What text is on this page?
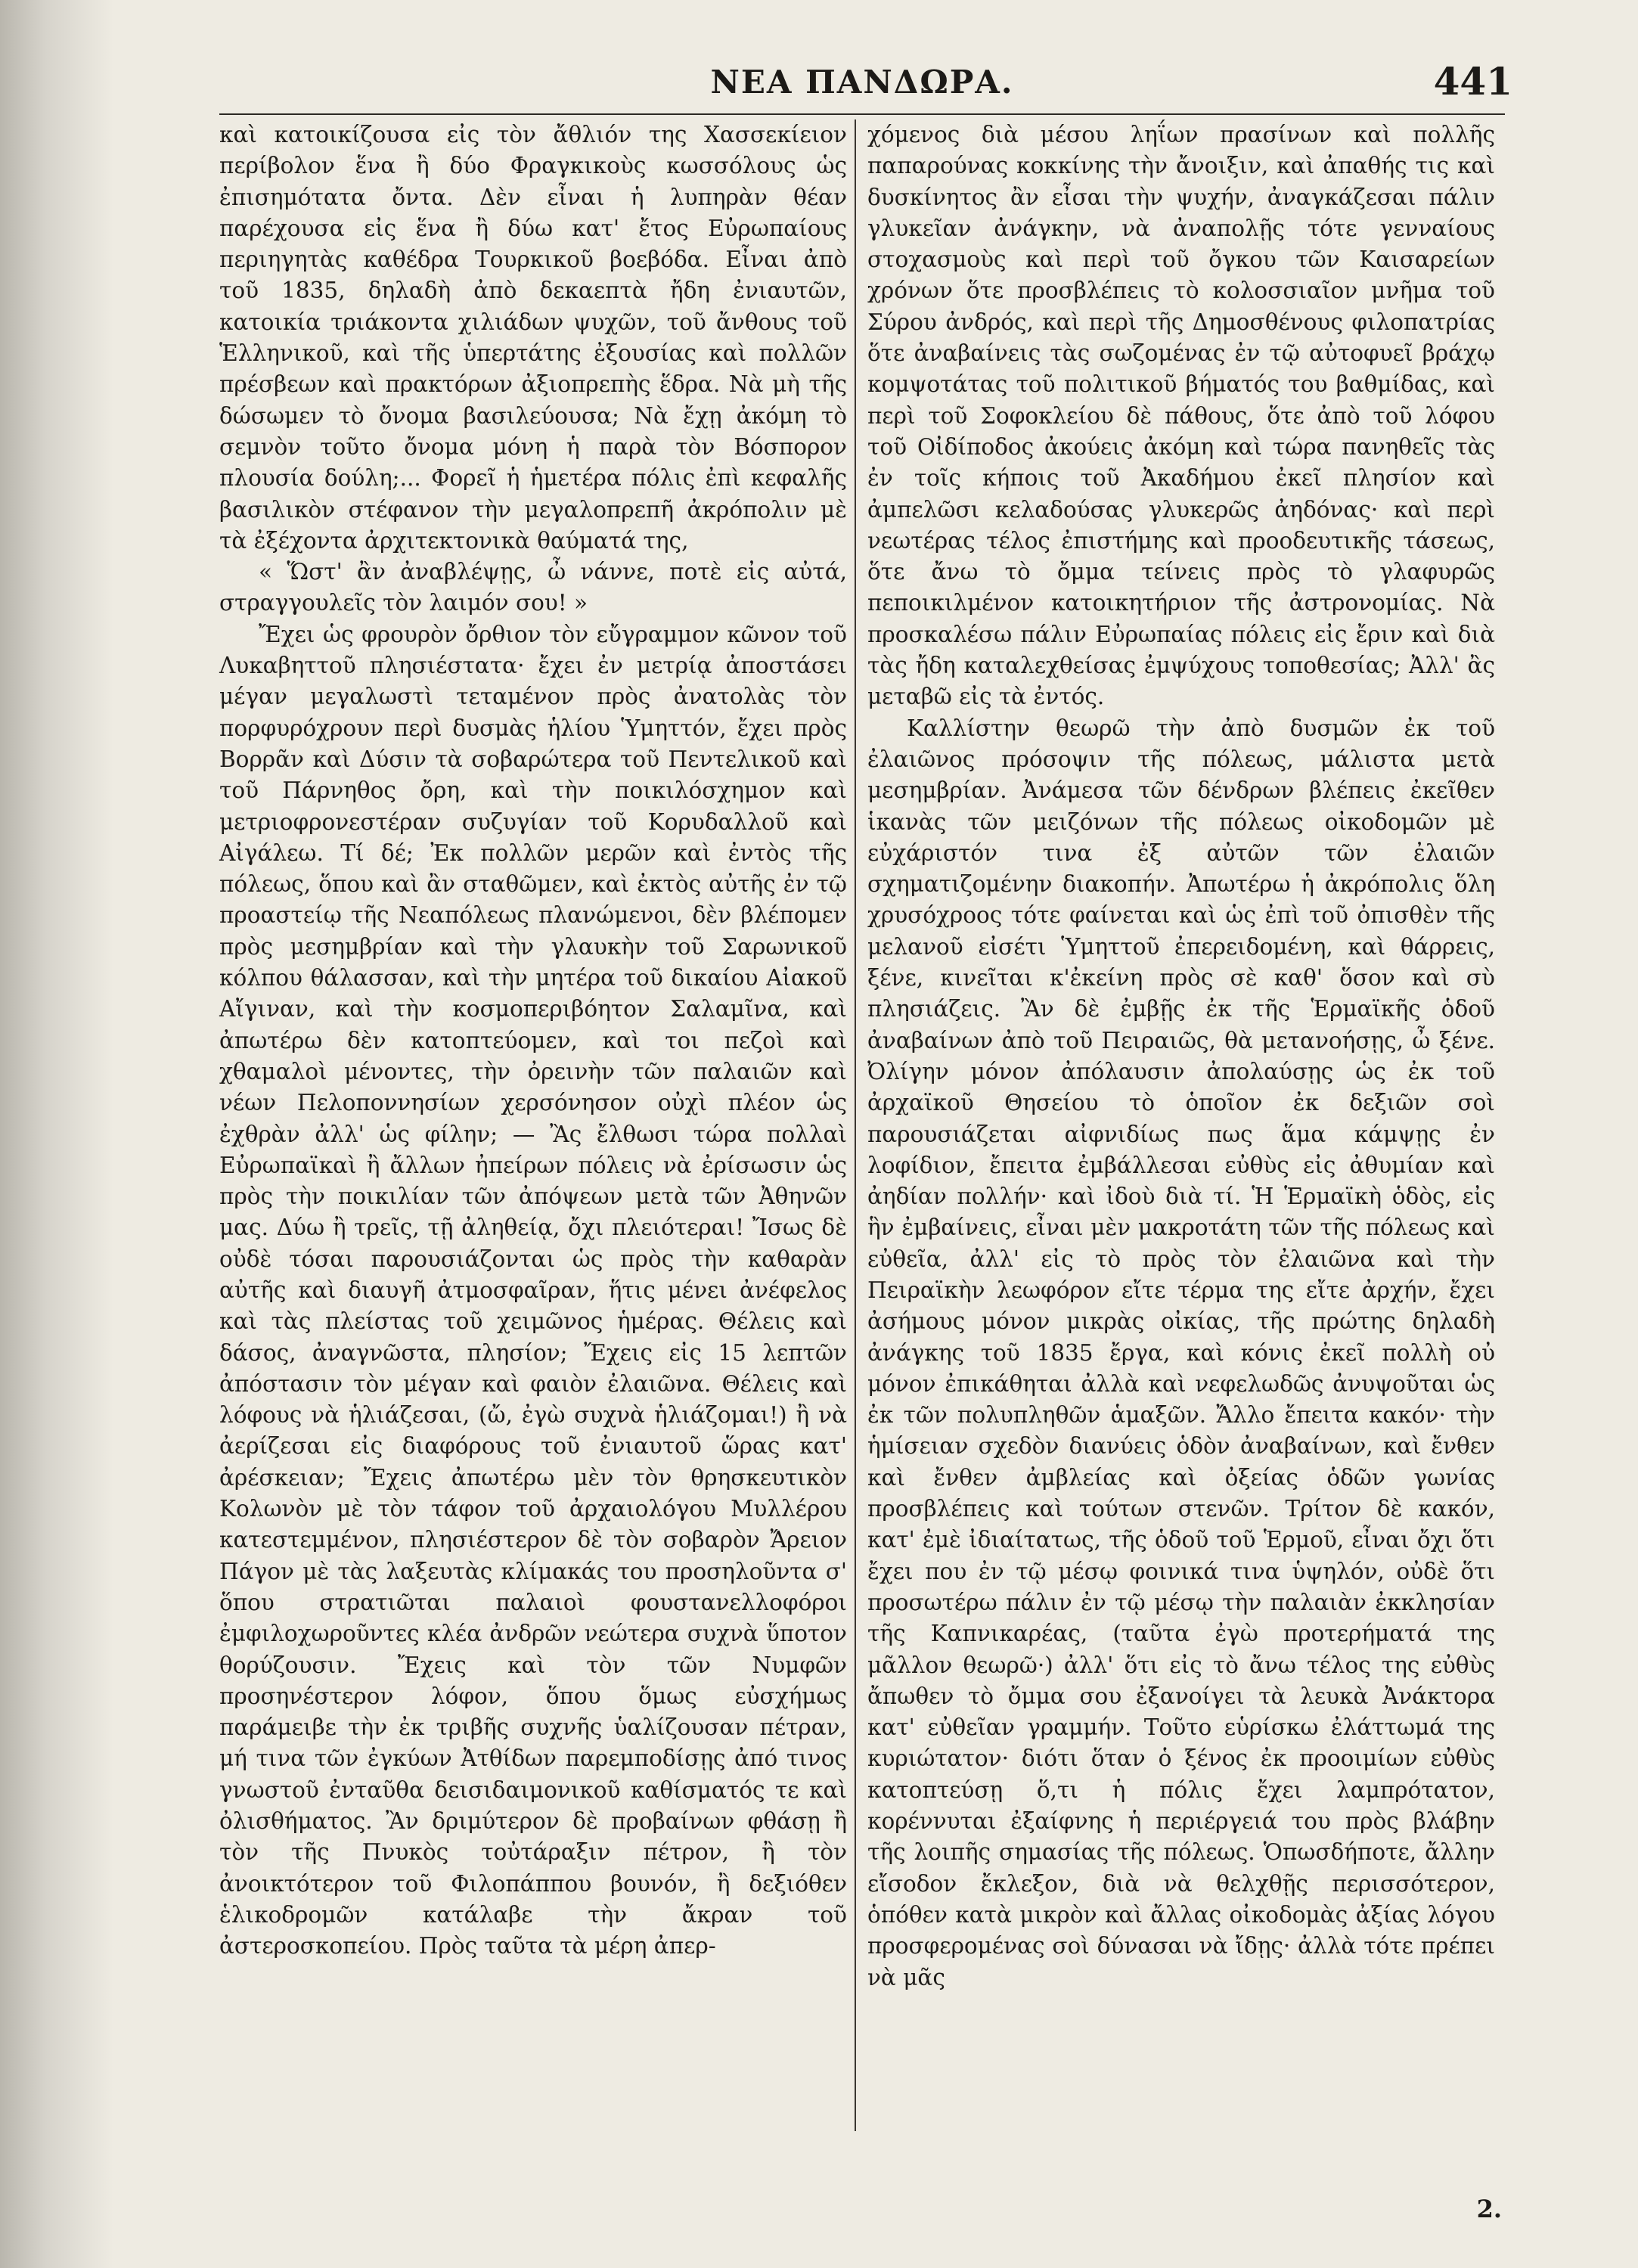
ΝΕΑ ΠΑΝΔΩΡΑ.	441

καὶ κατοικίζουσα εἰς τὸν ἄθλιόν της Χασσεκίειον περίβολον ἕνα ἢ δύο Φραγκικοὺς κωσσόλους ὡς ἐπισημότατα ὄντα. Δὲν εἶναι ἡ λυπηρὰν θέαν παρέχουσα εἰς ἕνα ἢ δύω κατ' ἔτος Εὐρωπαίους περιηγητὰς καθέδρα Τουρκικοῦ βοεβόδα. Εἶναι ἀπὸ τοῦ 1835, δηλαδὴ ἀπὸ δεκαεπτὰ ἤδη ἐνιαυτῶν, κατοικία τριάκοντα χιλιάδων ψυχῶν, τοῦ ἄνθους τοῦ Ἑλληνικοῦ, καὶ τῆς ὑπερτάτης ἐξουσίας καὶ πολλῶν πρέσβεων καὶ πρακτόρων ἀξιοπρεπὴς ἕδρα. Νὰ μὴ τῆς δώσωμεν τὸ ὄνομα βασιλεύουσα; Νὰ ἔχῃ ἀκόμη τὸ σεμνὸν τοῦτο ὄνομα μόνη ἡ παρὰ τὸν Βόσπορον πλουσία δούλη;... Φορεῖ ἡ ἡμετέρα πόλις ἐπὶ κεφαλῆς βασιλικὸν στέφανον τὴν μεγαλοπρεπῆ ἀκρόπολιν μὲ τὰ ἐξέχοντα ἀρχιτεκτονικὰ θαύματά της,

« Ὥστ' ἂν ἀναβλέψῃς, ὦ νάννε, ποτὲ εἰς αὐτά, στραγγουλεῖς τὸν λαιμόν σου! »

Ἔχει ὡς φρουρὸν ὄρθιον τὸν εὔγραμμον κῶνον τοῦ Λυκαβηττοῦ πλησιέστατα· ἔχει ἐν μετρίᾳ ἀποστάσει μέγαν μεγαλωστὶ τεταμένον πρὸς ἀνατολὰς τὸν πορφυρόχρουν περὶ δυσμὰς ἡλίου Ὑμηττόν, ἔχει πρὸς Βορρᾶν καὶ Δύσιν τὰ σοβαρώτερα τοῦ Πεντελικοῦ καὶ τοῦ Πάρνηθος ὄρη, καὶ τὴν ποικιλόσχημον καὶ μετριοφρονεστέραν συζυγίαν τοῦ Κορυδαλλοῦ καὶ Αἰγάλεω. Τί δέ; Ἐκ πολλῶν μερῶν καὶ ἐντὸς τῆς πόλεως, ὅπου καὶ ἂν σταθῶμεν, καὶ ἐκτὸς αὐτῆς ἐν τῷ προαστείῳ τῆς Νεαπόλεως πλανώμενοι, δὲν βλέπομεν πρὸς μεσημβρίαν καὶ τὴν γλαυκὴν τοῦ Σαρωνικοῦ κόλπου θάλασσαν, καὶ τὴν μητέρα τοῦ δικαίου Αἰακοῦ Αἴγιναν, καὶ τὴν κοσμοπεριβόητον Σαλαμῖνα, καὶ ἀπωτέρω δὲν κατοπτεύομεν, καὶ τοι πεζοὶ καὶ χθαμαλοὶ μένοντες, τὴν ὀρεινὴν τῶν παλαιῶν καὶ νέων Πελοποννησίων χερσόνησον οὐχὶ πλέον ὡς ἐχθρὰν ἀλλ' ὡς φίλην; — Ἂς ἔλθωσι τώρα πολλαὶ Εὐρωπαϊκαὶ ἢ ἄλλων ἠπείρων πόλεις νὰ ἐρίσωσιν ὡς πρὸς τὴν ποικιλίαν τῶν ἀπόψεων μετὰ τῶν Ἀθηνῶν μας. Δύω ἢ τρεῖς, τῇ ἀληθείᾳ, ὄχι πλειότεραι! Ἴσως δὲ οὐδὲ τόσαι παρουσιάζονται ὡς πρὸς τὴν καθαρὰν αὐτῆς καὶ διαυγῆ ἀτμοσφαῖραν, ἥτις μένει ἀνέφελος καὶ τὰς πλείστας τοῦ χειμῶνος ἡμέρας. Θέλεις καὶ δάσος, ἀναγνῶστα, πλησίον; Ἔχεις εἰς 15 λεπτῶν ἀπόστασιν τὸν μέγαν καὶ φαιὸν ἐλαιῶνα. Θέλεις καὶ λόφους νὰ ἡλιάζεσαι, (ὤ, ἐγὼ συχνὰ ἡλιάζομαι!) ἢ νὰ ἀερίζεσαι εἰς διαφόρους τοῦ ἐνιαυτοῦ ὥρας κατ' ἀρέσκειαν; Ἔχεις ἀπωτέρω μὲν τὸν θρησκευτικὸν Κολωνὸν μὲ τὸν τάφον τοῦ ἀρχαιολόγου Μυλλέρου κατεστεμμένον, πλησιέστερον δὲ τὸν σοβαρὸν Ἄρειον Πάγον μὲ τὰς λαξευτὰς κλίμακάς του προσηλοῦντα σ' ὅπου στρατιῶται παλαιοὶ φουστανελλοφόροι ἐμφιλοχωροῦντες κλέα ἀνδρῶν νεώτερα συχνὰ ὕποτον θορύζουσιν. Ἔχεις καὶ τὸν τῶν Νυμφῶν προσηνέστερον λόφον, ὅπου ὅμως εὐσχήμως παράμειβε τὴν ἐκ τριβῆς συχνῆς ὑαλίζουσαν πέτραν, μή τινα τῶν ἐγκύων Ἀτθίδων παρεμποδίσῃς ἀπό τινος γνωστοῦ ἐνταῦθα δεισιδαιμονικοῦ καθίσματός τε καὶ ὀλισθήματος. Ἂν δριμύτερον δὲ προβαίνων φθάσῃ ἢ τὸν τῆς Πνυκὸς τοὐτάραξιν πέτρον, ἢ τὸν ἀνοικτότερον τοῦ Φιλοπάππου βουνόν, ἢ δεξιόθεν ἑλικοδρομῶν κατάλαβε τὴν ἄκραν τοῦ ἀστεροσκοπείου. Πρὸς ταῦτα τὰ μέρη ἀπερ-

χόμενος διὰ μέσου ληΐων πρασίνων καὶ πολλῆς παπαρούνας κοκκίνης τὴν ἄνοιξιν, καὶ ἀπαθής τις καὶ δυσκίνητος ἂν εἶσαι τὴν ψυχήν, ἀναγκάζεσαι πάλιν γλυκεῖαν ἀνάγκην, νὰ ἀναπολῇς τότε γενναίους στοχασμοὺς καὶ περὶ τοῦ ὄγκου τῶν Καισαρείων χρόνων ὅτε προσβλέπεις τὸ κολοσσιαῖον μνῆμα τοῦ Σύρου ἀνδρός, καὶ περὶ τῆς Δημοσθένους φιλοπατρίας ὅτε ἀναβαίνεις τὰς σωζομένας ἐν τῷ αὐτοφυεῖ βράχῳ κομψοτάτας τοῦ πολιτικοῦ βήματός του βαθμίδας, καὶ περὶ τοῦ Σοφοκλείου δὲ πάθους, ὅτε ἀπὸ τοῦ λόφου τοῦ Οἰδίποδος ἀκούεις ἀκόμη καὶ τώρα πανηθεῖς τὰς ἐν τοῖς κήποις τοῦ Ἀκαδήμου ἐκεῖ πλησίον καὶ ἀμπελῶσι κελαδούσας γλυκερῶς ἀηδόνας· καὶ περὶ νεωτέρας τέλος ἐπιστήμης καὶ προοδευτικῆς τάσεως, ὅτε ἄνω τὸ ὄμμα τείνεις πρὸς τὸ γλαφυρῶς πεποικιλμένον κατοικητήριον τῆς ἀστρονομίας. Νὰ προσκαλέσω πάλιν Εὐρωπαίας πόλεις εἰς ἔριν καὶ διὰ τὰς ἤδη καταλεχθείσας ἐμψύχους τοποθεσίας; Ἀλλ' ἂς μεταβῶ εἰς τὰ ἐντός.

Καλλίστην θεωρῶ τὴν ἀπὸ δυσμῶν ἐκ τοῦ ἐλαιῶνος πρόσοψιν τῆς πόλεως, μάλιστα μετὰ μεσημβρίαν. Ἀνάμεσα τῶν δένδρων βλέπεις ἐκεῖθεν ἱκανὰς τῶν μειζόνων τῆς πόλεως οἰκοδομῶν μὲ εὐχάριστόν τινα ἐξ αὐτῶν τῶν ἐλαιῶν σχηματιζομένην διακοπήν. Ἀπωτέρω ἡ ἀκρόπολις ὅλη χρυσόχροος τότε φαίνεται καὶ ὡς ἐπὶ τοῦ ὀπισθὲν τῆς μελανοῦ εἰσέτι Ὑμηττοῦ ἐπερειδομένη, καὶ θάρρεις, ξένε, κινεῖται κ'ἐκείνη πρὸς σὲ καθ' ὅσον καὶ σὺ πλησιάζεις. Ἂν δὲ ἐμβῇς ἐκ τῆς Ἑρμαϊκῆς ὁδοῦ ἀναβαίνων ἀπὸ τοῦ Πειραιῶς, θὰ μετανοήσῃς, ὦ ξένε. Ὀλίγην μόνον ἀπόλαυσιν ἀπολαύσῃς ὡς ἐκ τοῦ ἀρχαϊκοῦ Θησείου τὸ ὁποῖον ἐκ δεξιῶν σοὶ παρουσιάζεται αἰφνιδίως πως ἅμα κάμψῃς ἐν λοφίδιον, ἔπειτα ἐμβάλλεσαι εὐθὺς εἰς ἀθυμίαν καὶ ἀηδίαν πολλήν· καὶ ἰδοὺ διὰ τί. Ἡ Ἑρμαϊκὴ ὁδὸς, εἰς ἣν ἐμβαίνεις, εἶναι μὲν μακροτάτη τῶν τῆς πόλεως καὶ εὐθεῖα, ἀλλ' εἰς τὸ πρὸς τὸν ἐλαιῶνα καὶ τὴν Πειραϊκὴν λεωφόρον εἴτε τέρμα της εἴτε ἀρχήν, ἔχει ἀσήμους μόνον μικρὰς οἰκίας, τῆς πρώτης δηλαδὴ ἀνάγκης τοῦ 1835 ἔργα, καὶ κόνις ἐκεῖ πολλὴ οὐ μόνον ἐπικάθηται ἀλλὰ καὶ νεφελωδῶς ἀνυψοῦται ὡς ἐκ τῶν πολυπληθῶν ἁμαξῶν. Ἄλλο ἔπειτα κακόν· τὴν ἡμίσειαν σχεδὸν διανύεις ὁδὸν ἀναβαίνων, καὶ ἔνθεν καὶ ἔνθεν ἀμβλείας καὶ ὀξείας ὁδῶν γωνίας προσβλέπεις καὶ τούτων στενῶν. Τρίτον δὲ κακόν, κατ' ἐμὲ ἰδιαίτατως, τῆς ὁδοῦ τοῦ Ἑρμοῦ, εἶναι ὄχι ὅτι ἔχει που ἐν τῷ μέσῳ φοινικά τινα ὑψηλόν, οὐδὲ ὅτι προσωτέρω πάλιν ἐν τῷ μέσῳ τὴν παλαιὰν ἐκκλησίαν τῆς Καπνικαρέας, (ταῦτα ἐγὼ προτερήματά της μᾶλλον θεωρῶ·) ἀλλ' ὅτι εἰς τὸ ἄνω τέλος της εὐθὺς ἄπωθεν τὸ ὄμμα σου ἐξανοίγει τὰ λευκὰ Ἀνάκτορα κατ' εὐθεῖαν γραμμήν. Τοῦτο εὑρίσκω ἐλάττωμά της κυριώτατον· διότι ὅταν ὁ ξένος ἐκ προοιμίων εὐθὺς κατοπτεύσῃ ὅ,τι ἡ πόλις ἔχει λαμπρότατον, κορέννυται ἐξαίφνης ἡ περιέργειά του πρὸς βλάβην τῆς λοιπῆς σημασίας τῆς πόλεως. Ὁπωσδήποτε, ἄλλην εἴσοδον ἔκλεξον, διὰ νὰ θελχθῇς περισσότερον, ὁπόθεν κατὰ μικρὸν καὶ ἄλλας οἰκοδομὰς ἀξίας λόγου προσφερομένας σοὶ δύνασαι νὰ ἴδῃς· ἀλλὰ τότε πρέπει νὰ μᾶς

2.
